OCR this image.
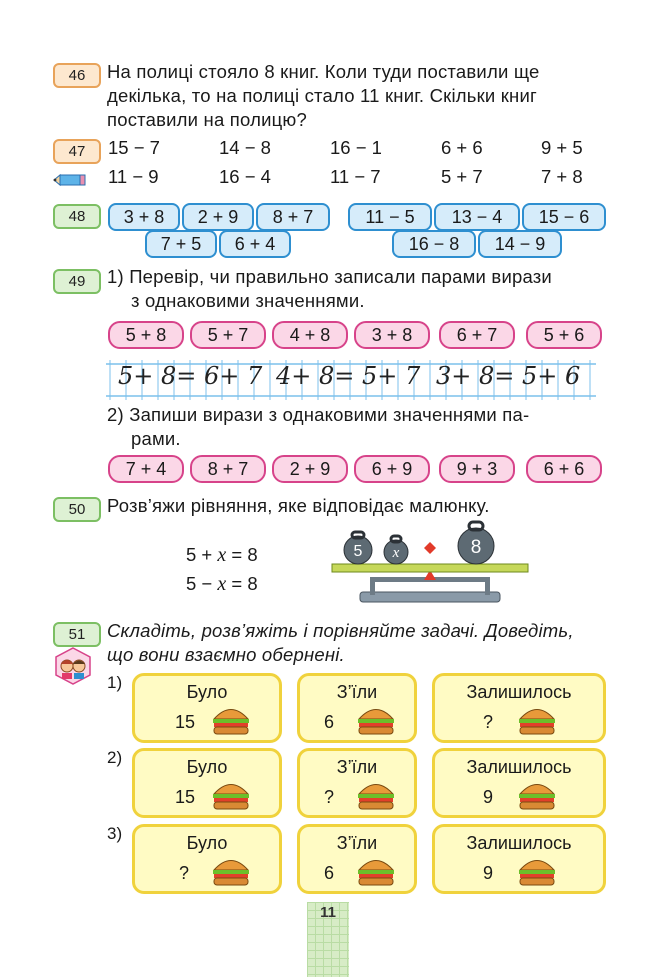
46	На полиці стояло 8 книг. Коли туди поставили ще
декілька, то на полиці стало 11 книг. Скільки книг
поставили на полицю?
47	15 − 7	14 − 8	16 − 1	6 + 6	9 + 5
11 − 9	16 − 4	11 − 7	5 + 7	7 + 8
48	3 + 8	2 + 9	8 + 7
7 + 5	6 + 4
11 − 5	13 − 4	15 − 6
16 − 8	14 − 9
49	1) Перевір, чи правильно записали парами вирази
з однаковими значеннями.
5 + 8	5 + 7	4 + 8	3 + 8	6 + 7	5 + 6
5+ 8= 6+ 7 4+ 8= 5+ 7 3+ 8= 5+ 6
2) Запиши вирази з однаковими значеннями па-
рами.
7 + 4	8 + 7	2 + 9	6 + 9	9 + 3	6 + 6
50	Розв’яжи рівняння, яке відповідає малюнку.
5 + x = 8
5 − x = 8
5 x	8
51	Складіть, розв’яжіть і порівняйте задачі. Доведіть,
що вони взаємно обернені.
1)
2)
3)
Було
15
З’їли
6
Залишилось
?
Було
15
З’їли
?
Залишилось
9
Було
?
З’їли
6
Залишилось
9
11
